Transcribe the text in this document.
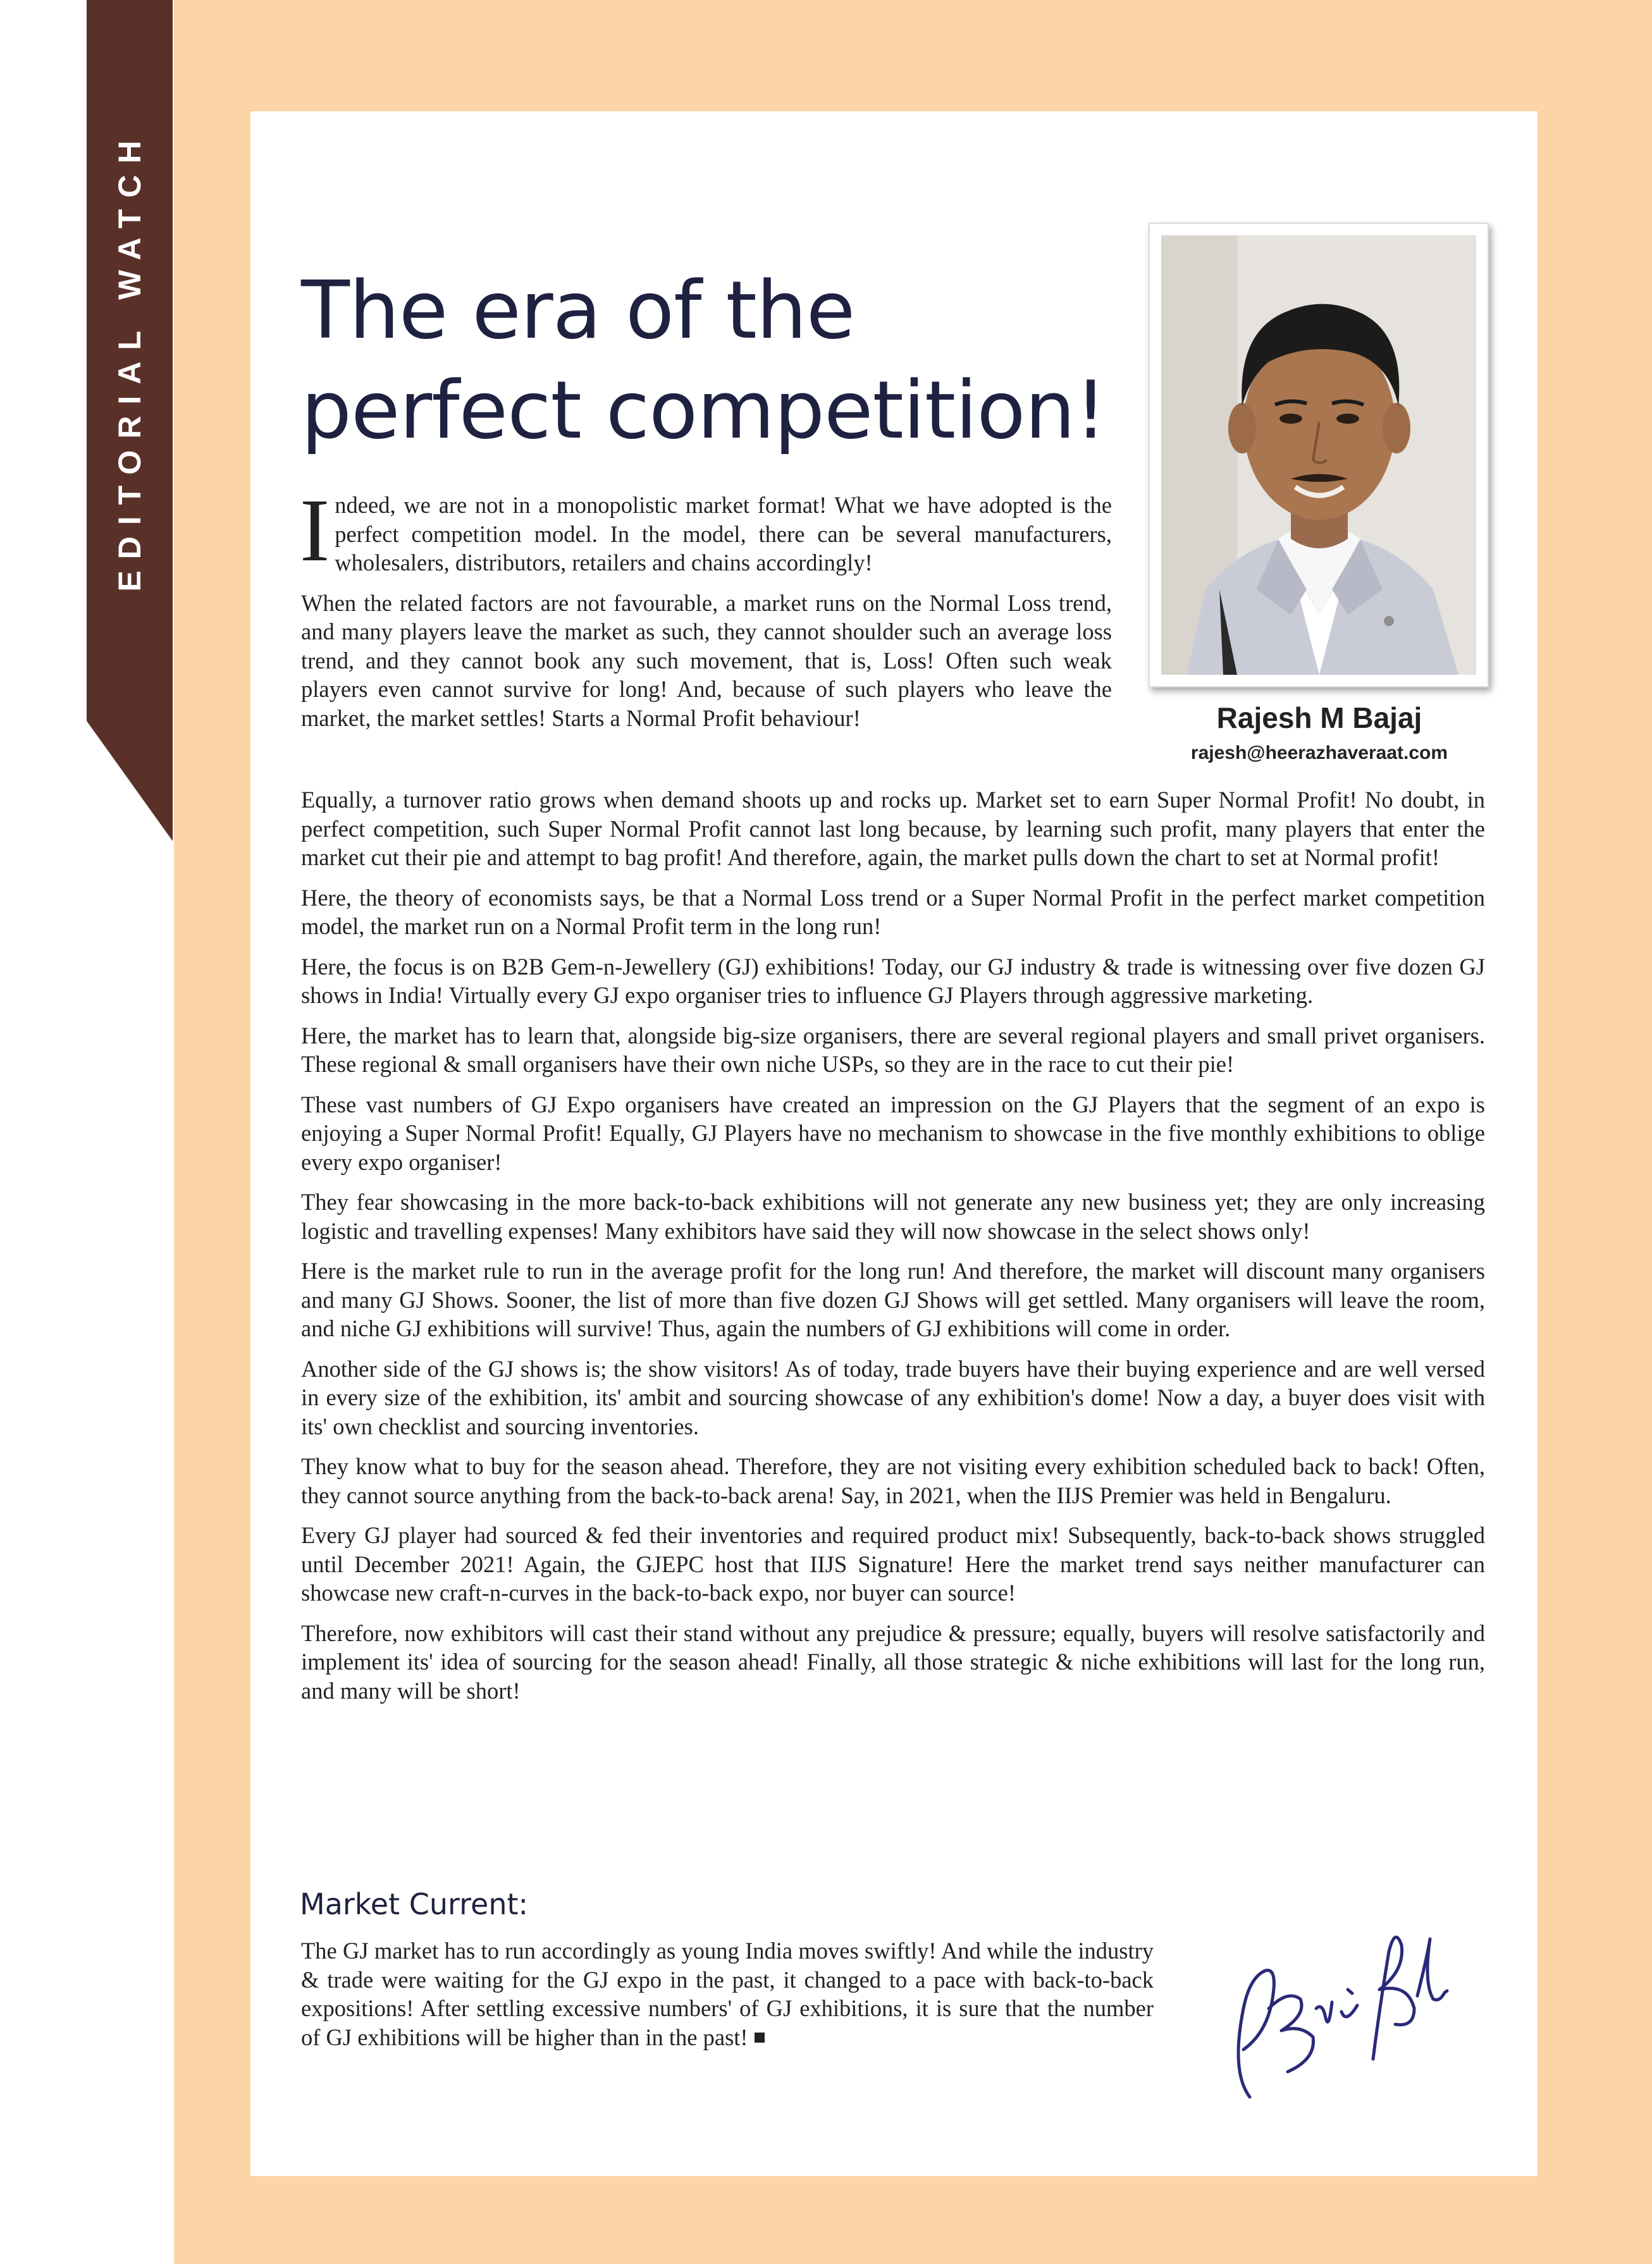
EDITORIAL WATCH The era of the perfect competition!
Rajesh M Bajaj
rajesh@heerazhaveraat.com

Indeed, we are not in a monopolistic market format! What we have adopted is the perfect competition model. In the model, there can be several manufacturers, wholesalers, distributors, retailers and chains accordingly!

When the related factors are not favourable, a market runs on the Normal Loss trend, and many players leave the market as such, they cannot shoulder such an average loss trend, and they cannot book any such movement, that is, Loss! Often such weak players even cannot survive for long! And, because of such players who leave the market, the market settles! Starts a Normal Profit behaviour!

Equally, a turnover ratio grows when demand shoots up and rocks up. Market set to earn Super Normal Profit! No doubt, in perfect competition, such Super Normal Profit cannot last long because, by learning such profit, many players that enter the market cut their pie and attempt to bag profit! And therefore, again, the market pulls down the chart to set at Normal profit!

Here, the theory of economists says, be that a Normal Loss trend or a Super Normal Profit in the perfect market competition model, the market run on a Normal Profit term in the long run!

Here, the focus is on B2B Gem-n-Jewellery (GJ) exhibitions! Today, our GJ industry & trade is witnessing over five dozen GJ shows in India! Virtually every GJ expo organiser tries to influence GJ Players through aggressive marketing.

Here, the market has to learn that, alongside big-size organisers, there are several regional players and small privet organisers. These regional & small organisers have their own niche USPs, so they are in the race to cut their pie!

These vast numbers of GJ Expo organisers have created an impression on the GJ Players that the segment of an expo is enjoying a Super Normal Profit! Equally, GJ Players have no mechanism to showcase in the five monthly exhibitions to oblige every expo organiser!

They fear showcasing in the more back-to-back exhibitions will not generate any new business yet; they are only increasing logistic and travelling expenses! Many exhibitors have said they will now showcase in the select shows only!

Here is the market rule to run in the average profit for the long run! And therefore, the market will discount many organisers and many GJ Shows. Sooner, the list of more than five dozen GJ Shows will get settled. Many organisers will leave the room, and niche GJ exhibitions will survive! Thus, again the numbers of GJ exhibitions will come in order.

Another side of the GJ shows is; the show visitors! As of today, trade buyers have their buying experience and are well versed in every size of the exhibition, its' ambit and sourcing showcase of any exhibition's dome! Now a day, a buyer does visit with its' own checklist and sourcing inventories.

They know what to buy for the season ahead. Therefore, they are not visiting every exhibition scheduled back to back! Often, they cannot source anything from the back-to-back arena! Say, in 2021, when the IIJS Premier was held in Bengaluru.

Every GJ player had sourced & fed their inventories and required product mix! Subsequently, back-to-back shows struggled until December 2021! Again, the GJEPC host that IIJS Signature! Here the market trend says neither manufacturer can showcase new craft-n-curves in the back-to-back expo, nor buyer can source!

Therefore, now exhibitors will cast their stand without any prejudice & pressure; equally, buyers will resolve satisfactorily and implement its' idea of sourcing for the season ahead! Finally, all those strategic & niche exhibitions will last for the long run, and many will be short!

Market Current:

The GJ market has to run accordingly as young India moves swiftly! And while the industry & trade were waiting for the GJ expo in the past, it changed to a pace with back-to-back expositions! After settling excessive numbers' of GJ exhibitions, it is sure that the number of GJ exhibitions will be higher than in the past!
